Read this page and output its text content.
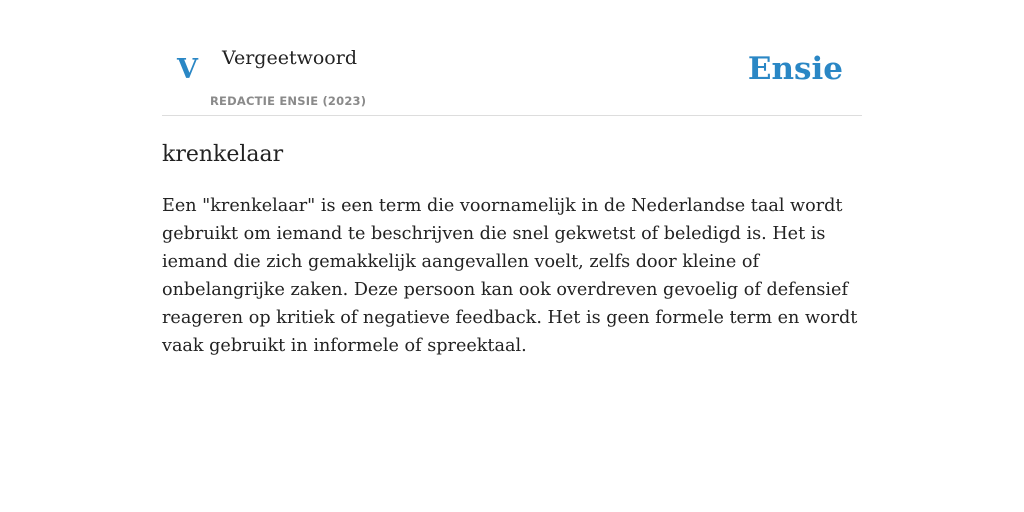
V Vergeetwoord
REDACTIE ENSIE (2023)
Ensie
krenkelaar

Een "krenkelaar" is een term die voornamelijk in de Nederlandse taal wordt gebruikt om iemand te beschrijven die snel gekwetst of beledigd is. Het is iemand die zich gemakkelijk aangevallen voelt, zelfs door kleine of onbelangrijke zaken. Deze persoon kan ook overdreven gevoelig of defensief reageren op kritiek of negatieve feedback. Het is geen formele term en wordt vaak gebruikt in informele of spreektaal.
